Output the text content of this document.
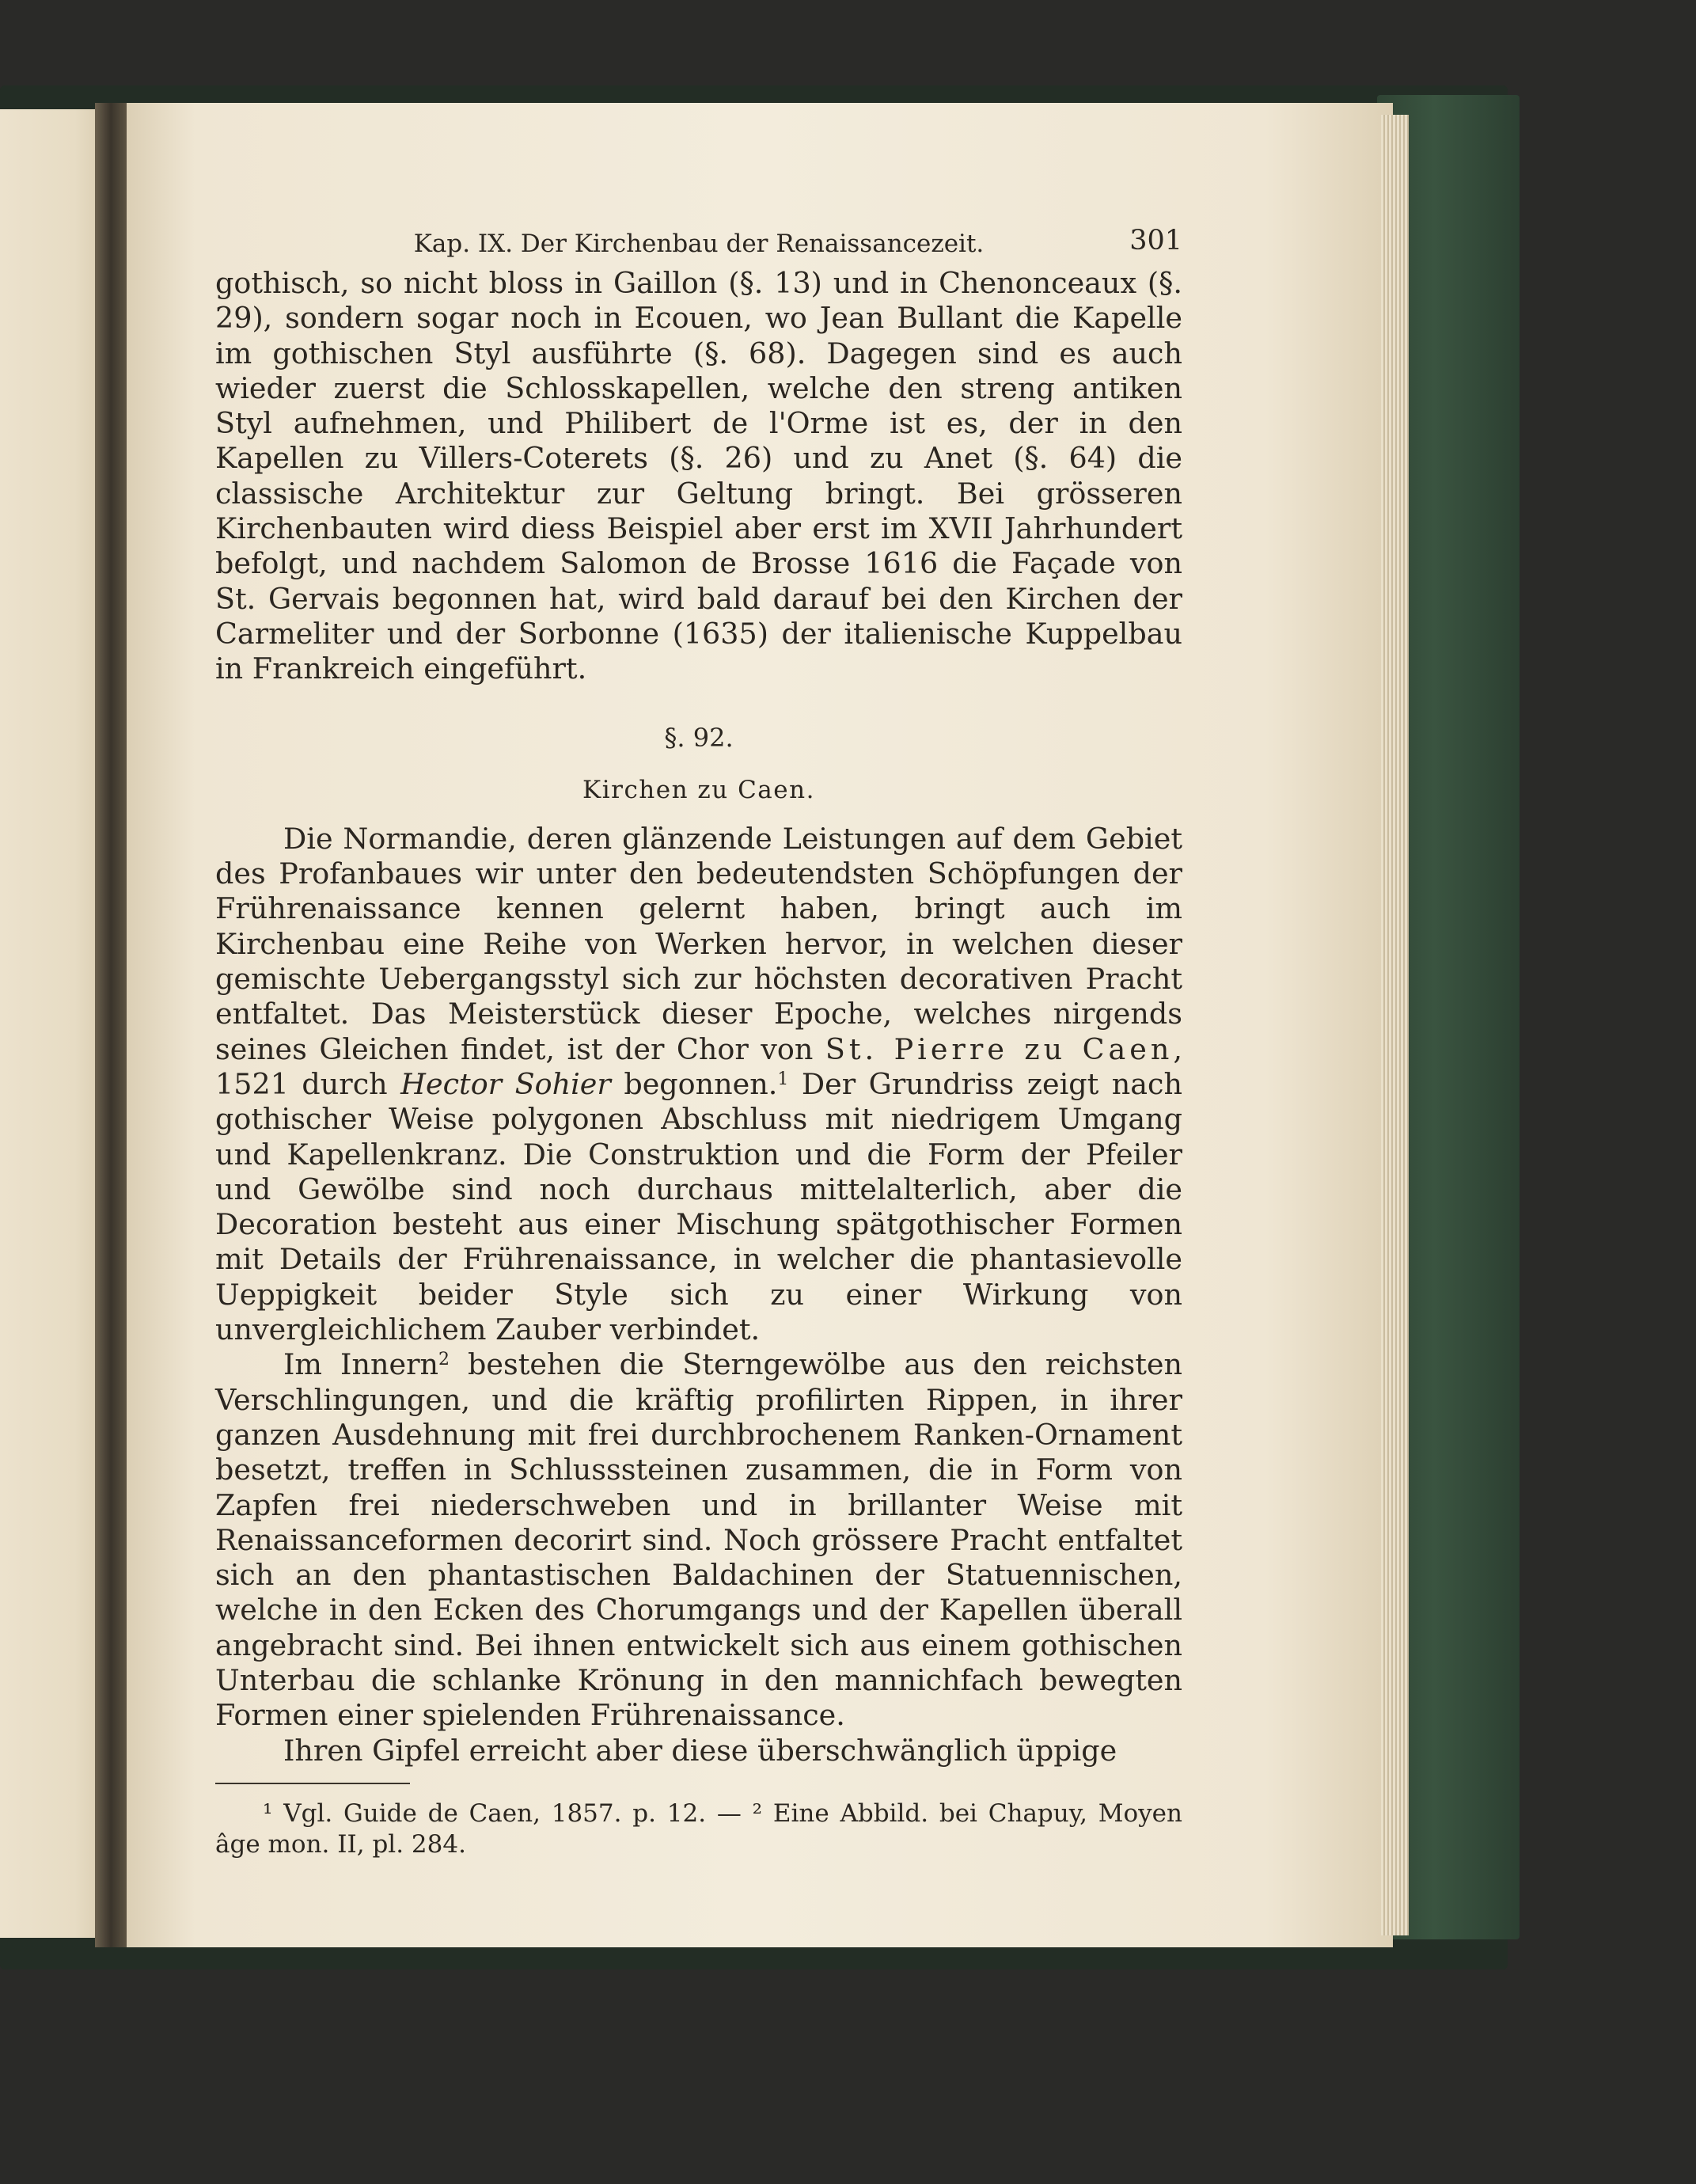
Kap. IX. Der Kirchenbau der Renaissancezeit.	301

gothisch, so nicht bloss in Gaillon (§. 13) und in Chenonceaux (§. 29), sondern sogar noch in Ecouen, wo Jean Bullant die Kapelle im gothischen Styl ausführte (§. 68). Dagegen sind es auch wieder zuerst die Schlosskapellen, welche den streng antiken Styl aufnehmen, und Philibert de l'Orme ist es, der in den Kapellen zu Villers-Coterets (§. 26) und zu Anet (§. 64) die classische Architektur zur Geltung bringt. Bei grösseren Kirchenbauten wird diess Beispiel aber erst im XVII Jahrhundert befolgt, und nachdem Salomon de Brosse 1616 die Façade von St. Gervais begonnen hat, wird bald darauf bei den Kirchen der Carmeliter und der Sorbonne (1635) der italienische Kuppelbau in Frankreich eingeführt.

§. 92.
Kirchen zu Caen.

Die Normandie, deren glänzende Leistungen auf dem Gebiet des Profanbaues wir unter den bedeutendsten Schöpfungen der Frührenaissance kennen gelernt haben, bringt auch im Kirchenbau eine Reihe von Werken hervor, in welchen dieser gemischte Uebergangsstyl sich zur höchsten decorativen Pracht entfaltet. Das Meisterstück dieser Epoche, welches nirgends seines Gleichen findet, ist der Chor von St. Pierre zu Caen, 1521 durch Hector Sohier begonnen.$^1$ Der Grundriss zeigt nach gothischer Weise polygonen Abschluss mit niedrigem Umgang und Kapellenkranz. Die Construktion und die Form der Pfeiler und Gewölbe sind noch durchaus mittelalterlich, aber die Decoration besteht aus einer Mischung spätgothischer Formen mit Details der Frührenaissance, in welcher die phantasievolle Ueppigkeit beider Style sich zu einer Wirkung von unvergleichlichem Zauber verbindet.

Im Innern$^2$ bestehen die Sterngewölbe aus den reichsten Verschlingungen, und die kräftig profilirten Rippen, in ihrer ganzen Ausdehnung mit frei durchbrochenem Ranken-Ornament besetzt, treffen in Schlusssteinen zusammen, die in Form von Zapfen frei niederschweben und in brillanter Weise mit Renaissanceformen decorirt sind. Noch grössere Pracht entfaltet sich an den phantastischen Baldachinen der Statuennischen, welche in den Ecken des Chorumgangs und der Kapellen überall angebracht sind. Bei ihnen entwickelt sich aus einem gothischen Unterbau die schlanke Krönung in den mannichfach bewegten Formen einer spielenden Frührenaissance.

Ihren Gipfel erreicht aber diese überschwänglich üppige

¹ Vgl. Guide de Caen, 1857. p. 12. — ² Eine Abbild. bei Chapuy, Moyen âge mon. II, pl. 284.
